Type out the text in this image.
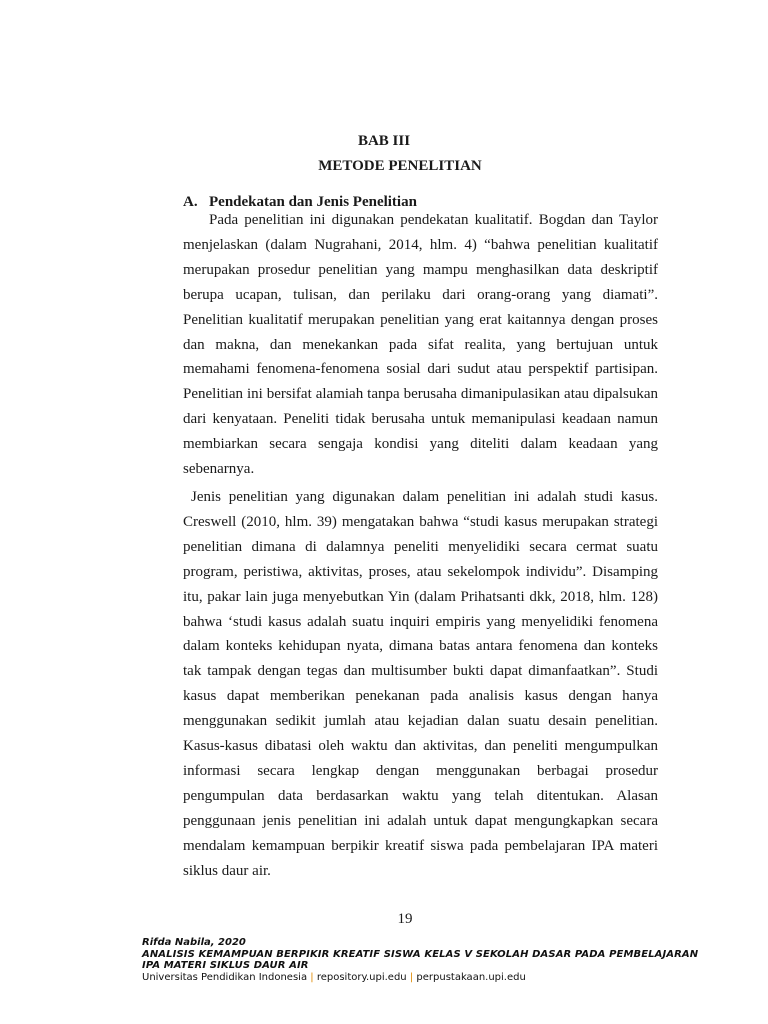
BAB III
METODE PENELITIAN
A. Pendekatan dan Jenis Penelitian

Pada penelitian ini digunakan pendekatan kualitatif. Bogdan dan Taylor menjelaskan (dalam Nugrahani, 2014, hlm. 4) “bahwa penelitian kualitatif merupakan prosedur penelitian yang mampu menghasilkan data deskriptif berupa ucapan, tulisan, dan perilaku dari orang-orang yang diamati”. Penelitian kualitatif merupakan penelitian yang erat kaitannya dengan proses dan makna, dan menekankan pada sifat realita, yang bertujuan untuk memahami fenomena-fenomena sosial dari sudut atau perspektif partisipan. Penelitian ini bersifat alamiah tanpa berusaha dimanipulasikan atau dipalsukan dari kenyataan. Peneliti tidak berusaha untuk memanipulasi keadaan namun membiarkan secara sengaja kondisi yang diteliti dalam keadaan yang sebenarnya.

Jenis penelitian yang digunakan dalam penelitian ini adalah studi kasus. Creswell (2010, hlm. 39) mengatakan bahwa “studi kasus merupakan strategi penelitian dimana di dalamnya peneliti menyelidiki secara cermat suatu program, peristiwa, aktivitas, proses, atau sekelompok individu”. Disamping itu, pakar lain juga menyebutkan Yin (dalam Prihatsanti dkk, 2018, hlm. 128) bahwa ‘studi kasus adalah suatu inquiri empiris yang menyelidiki fenomena dalam konteks kehidupan nyata, dimana batas antara fenomena dan konteks tak tampak dengan tegas dan multisumber bukti dapat dimanfaatkan”. Studi kasus dapat memberikan penekanan pada analisis kasus dengan hanya menggunakan sedikit jumlah atau kejadian dalan suatu desain penelitian. Kasus-kasus dibatasi oleh waktu dan aktivitas, dan peneliti mengumpulkan informasi secara lengkap dengan menggunakan berbagai prosedur pengumpulan data berdasarkan waktu yang telah ditentukan. Alasan penggunaan jenis penelitian ini adalah untuk dapat mengungkapkan secara mendalam kemampuan berpikir kreatif siswa pada pembelajaran IPA materi siklus daur air.

19
Rifda Nabila, 2020
ANALISIS KEMAMPUAN BERPIKIR KREATIF SISWA KELAS V SEKOLAH DASAR PADA PEMBELAJARAN
IPA MATERI SIKLUS DAUR AIR
Universitas Pendidikan Indonesia | repository.upi.edu | perpustakaan.upi.edu
